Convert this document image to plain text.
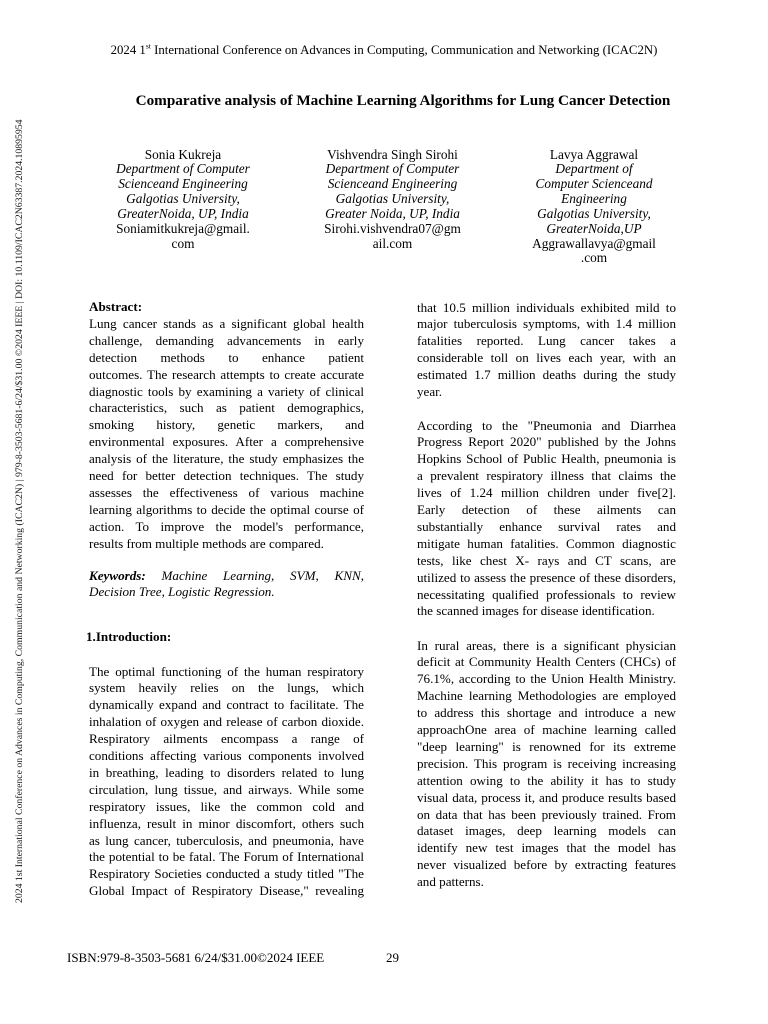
2024 1st International Conference on Advances in Computing, Communication and Networking (ICAC2N) | 979-8-3503-5681-6/24/$31.00 ©2024 IEEE | DOI: 10.1109/ICAC2N63387.2024.10895954
2024 1st International Conference on Advances in Computing, Communication and Networking (ICAC2N)
Comparative analysis of Machine Learning Algorithms for Lung Cancer Detection
Sonia Kukreja
Department of Computer
Scienceand Engineering
Galgotias University,
GreaterNoida, UP, India
Soniamitkukreja@gmail.
com
Vishvendra Singh Sirohi
Department of Computer
Scienceand Engineering
Galgotias University,
Greater Noida, UP, India
Sirohi.vishvendra07@gm
ail.com
Lavya Aggrawal
Department of
Computer Scienceand
Engineering
Galgotias University,
GreaterNoida,UP
Aggrawallavya@gmail
.com
Abstract:
Lung cancer stands as a significant global health
challenge, demanding advancements in early
detection methods to enhance patient
outcomes. The research attempts to create accurate
diagnostic tools by examining a variety of clinical
characteristics, such as patient demographics,
smoking history, genetic markers, and
environmental exposures. After a comprehensive
analysis of the literature, the study emphasizes the
need for better detection techniques. The study
assesses the effectiveness of various machine
learning algorithms to decide the optimal course of
action. To improve the model's performance,
results from multiple methods are compared.
Keywords: Machine Learning, SVM, KNN,
Decision Tree, Logistic Regression.
1.Introduction:
The optimal functioning of the human respiratory
system heavily relies on the lungs, which
dynamically expand and contract to facilitate. The
inhalation of oxygen and release of carbon dioxide.
Respiratory ailments encompass a range of
conditions affecting various components involved
in breathing, leading to disorders related to lung
circulation, lung tissue, and airways. While some
respiratory issues, like the common cold and
influenza, result in minor discomfort, others such
as lung cancer, tuberculosis, and pneumonia, have
the potential to be fatal. The Forum of International
Respiratory Societies conducted a study titled "The
Global Impact of Respiratory Disease," revealing
that 10.5 million individuals exhibited mild to
major tuberculosis symptoms, with 1.4 million
fatalities reported. Lung cancer takes a
considerable toll on lives each year, with an
estimated 1.7 million deaths during the study
year.
According to the "Pneumonia and Diarrhea
Progress Report 2020" published by the Johns
Hopkins School of Public Health, pneumonia is
a prevalent respiratory illness that claims the
lives of 1.24 million children under five[2].
Early detection of these ailments can
substantially enhance survival rates and
mitigate human fatalities. Common diagnostic
tests, like chest X- rays and CT scans, are
utilized to assess the presence of these disorders,
necessitating qualified professionals to review
the scanned images for disease identification.
In rural areas, there is a significant physician
deficit at Community Health Centers (CHCs) of
76.1%, according to the Union Health Ministry.
Machine learning Methodologies are employed
to address this shortage and introduce a new
approachOne area of machine learning called
"deep learning" is renowned for its extreme
precision. This program is receiving increasing
attention owing to the ability it has to study
visual data, process it, and produce results based
on data that has been previously trained. From
dataset images, deep learning models can
identify new test images that the model has
never visualized before by extracting features
and patterns.
ISBN:979-8-3503-5681 6/24/$31.00©2024 IEEE	29
